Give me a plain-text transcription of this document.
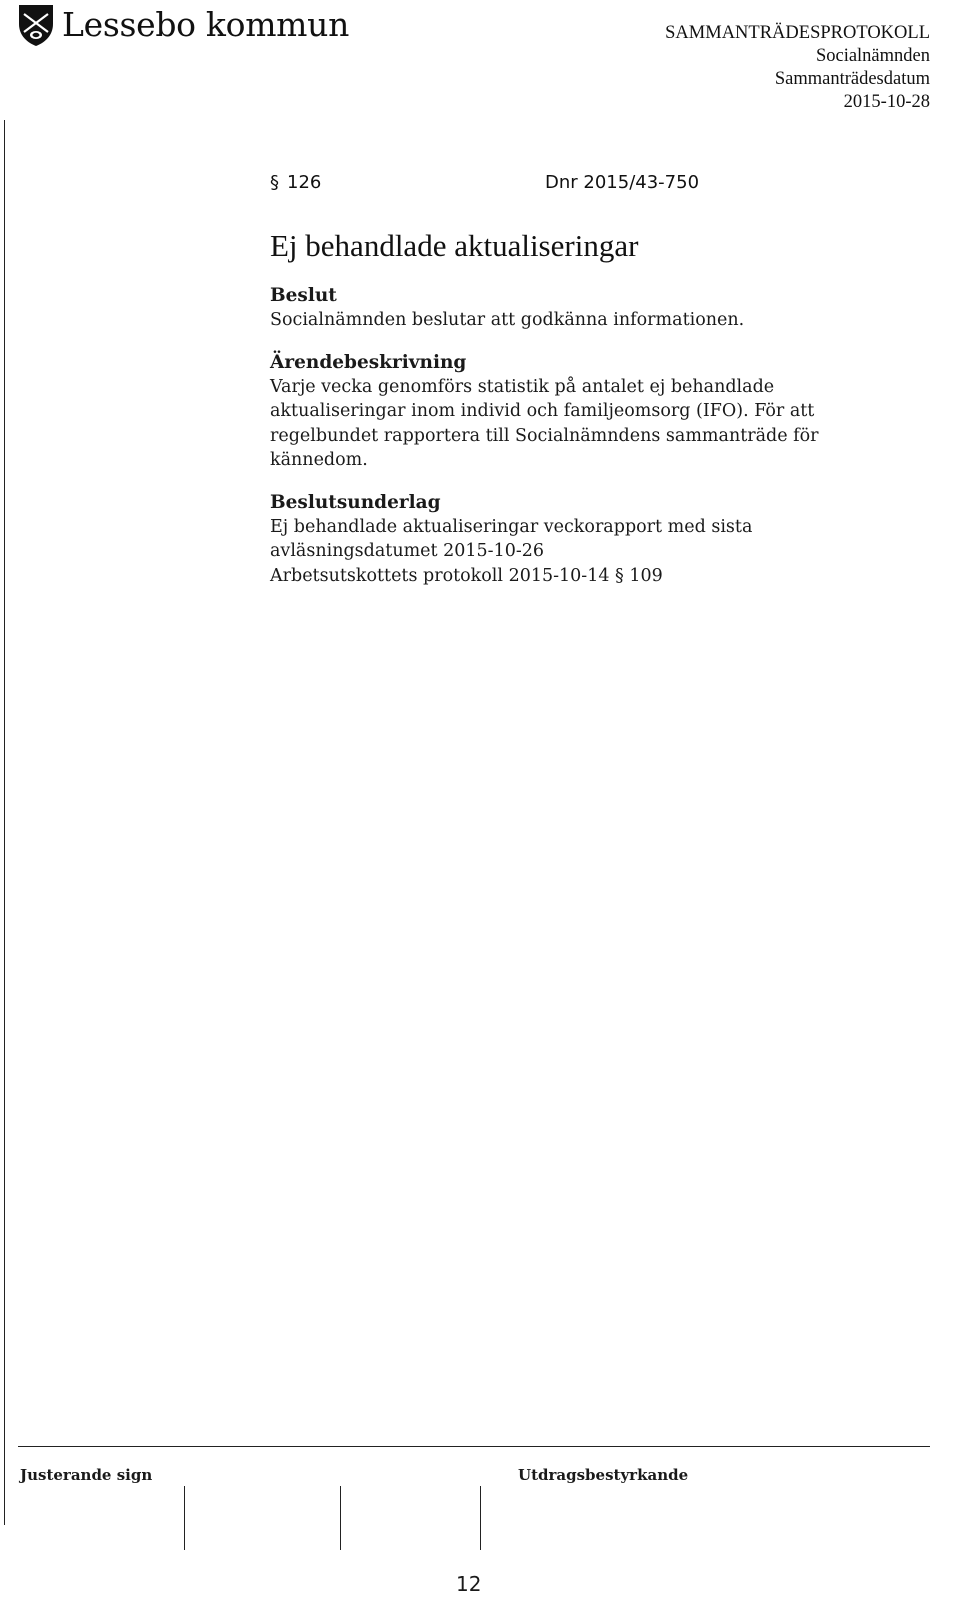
Lessebo kommun	SAMMANTRÄDESPROTOKOLL
Socialnämnden
Sammanträdesdatum
2015-10-28
§ 126	Dnr 2015/43-750
Ej behandlade aktualiseringar

Beslut

Socialnämnden beslutar att godkänna informationen.

Ärendebeskrivning

Varje vecka genomförs statistik på antalet ej behandlade
aktualiseringar inom individ och familjeomsorg (IFO). För att
regelbundet rapportera till Socialnämndens sammanträde för
kännedom.

Beslutsunderlag

Ej behandlade aktualiseringar veckorapport med sista
avläsningsdatumet 2015-10-26
Arbetsutskottets protokoll 2015-10-14 § 109

Justerande sign	Utdragsbestyrkande
12
